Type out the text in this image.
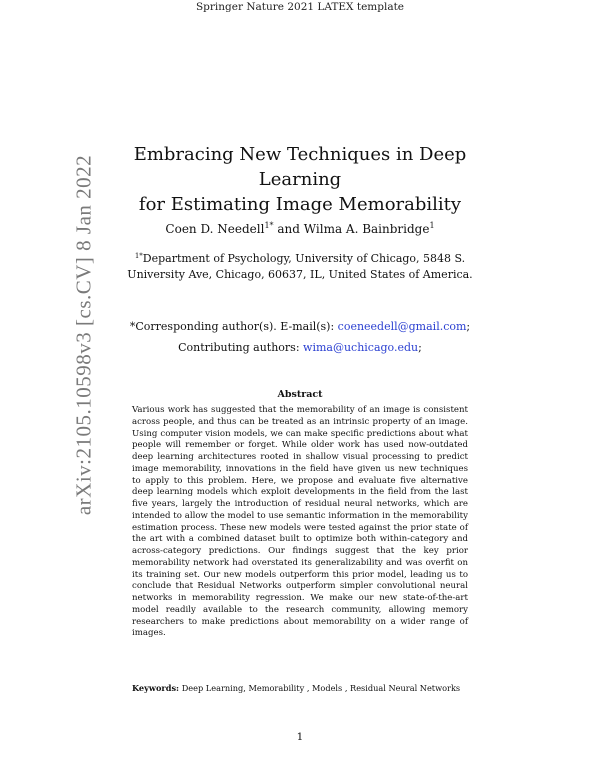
Springer Nature 2021 LATEX template
arXiv:2105.10598v3 [cs.CV] 8 Jan 2022
Embracing New Techniques in Deep Learning
for Estimating Image Memorability
Coen D. Needell$^{1*}$ and Wilma A. Bainbridge$^1$
$^{1*}$Department of Psychology, University of Chicago, 5848 S.
University Ave, Chicago, 60637, IL, United States of America.
*Corresponding author(s). E-mail(s): coeneedell@gmail.com;
Contributing authors: wima@uchicago.edu;
Abstract
Various work has suggested that the memorability of an image is consistent across people, and thus can be treated as an intrinsic property of an image. Using computer vision models, we can make specific predictions about what people will remember or forget. While older work has used now-outdated deep learning architectures rooted in shallow visual processing to predict image memorability, innovations in the field have given us new techniques to apply to this problem. Here, we propose and evaluate five alternative deep learning models which exploit developments in the field from the last five years, largely the introduction of residual neural networks, which are intended to allow the model to use semantic information in the memorability estimation process. These new models were tested against the prior state of the art with a combined dataset built to optimize both within-category and across-category predictions. Our findings suggest that the key prior memorability network had overstated its generalizability and was overfit on its training set. Our new models outperform this prior model, leading us to conclude that Residual Networks outperform simpler convolutional neural networks in memorability regression. We make our new state-of-the-art model readily available to the research community, allowing memory researchers to make predictions about memorability on a wider range of images.
Keywords: Deep Learning, Memorability , Models , Residual Neural Networks
1
